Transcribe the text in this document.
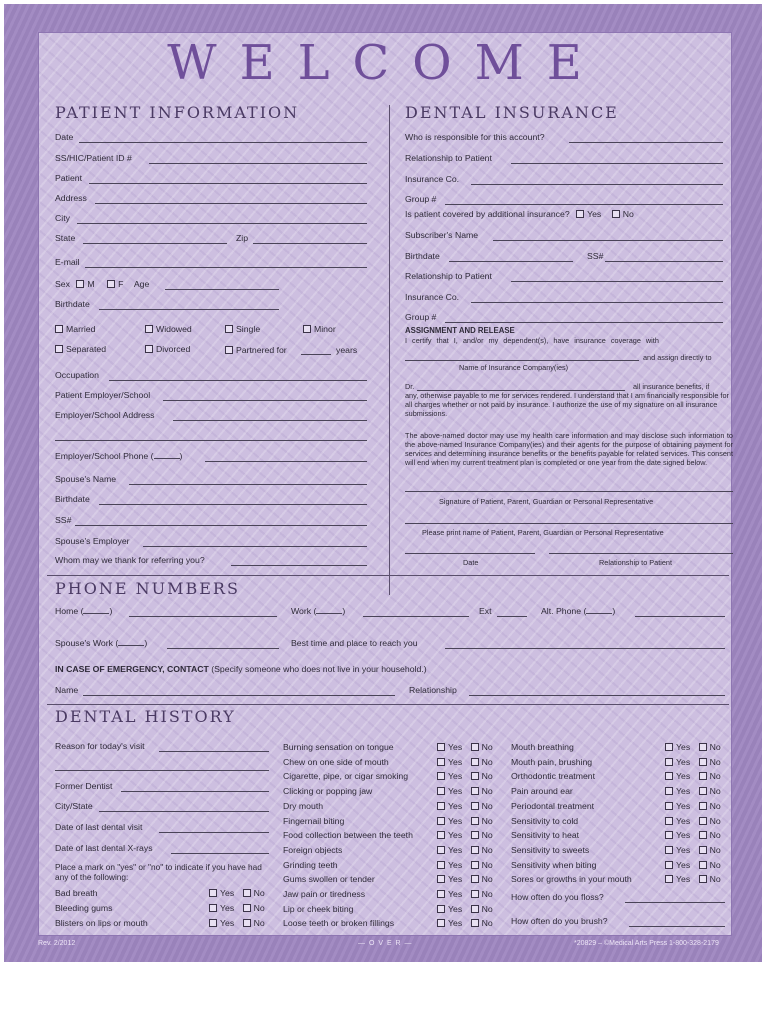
WELCOME
PATIENT INFORMATION	DENTAL INSURANCE
Date
SS/HIC/Patient ID #
Patient
Address
City
State	Zip
E-mail
Sex M	F Age
Birthdate
Married	Widowed	Single	Minor
Separated	Divorced	Partnered for	years
Occupation
Patient Employer/School
Employer/School Address
Employer/School Phone (	)
Spouse's Name
Birthdate
SS#
Spouse's Employer
Whom may we thank for referring you?
Who is responsible for this account?
Relationship to Patient
Insurance Co.
Group #
Is patient covered by additional insurance? Yes No
Subscriber's Name
Birthdate	SS#
Relationship to Patient
Insurance Co.
Group #
ASSIGNMENT AND RELEASE
I certify that I, and/or my dependent(s), have insurance coverage with
and assign directly to
Name of Insurance Company(ies)
Dr.	all insurance benefits, if
any, otherwise payable to me for services rendered. I understand that I am financially responsible for all charges whether or not paid by insurance. I authorize the use of my signature on all insurance submissions.
The above-named doctor may use my health care information and may disclose such information to the above-named Insurance Company(ies) and their agents for the purpose of obtaining payment for services and determining insurance benefits or the benefits payable for related services. This consent will end when my current treatment plan is completed or one year from the date signed below.
Signature of Patient, Parent, Guardian or Personal Representative
Please print name of Patient, Parent, Guardian or Personal Representative
Date	Relationship to Patient
PHONE NUMBERS
Home (	)	Work (	)	Ext	Alt. Phone (	)
Spouse's Work (	)	Best time and place to reach you
IN CASE OF EMERGENCY, CONTACT (Specify someone who does not live in your household.)
Name	Relationship
DENTAL HISTORY
Reason for today's visit
Former Dentist
City/State
Date of last dental visit
Date of last dental X-rays
Place a mark on "yes" or "no" to indicate if you have had any of the following:
Bad breath	Yes No
Bleeding gums	Yes No
Blisters on lips or mouth	Yes No
Burning sensation on tongue	Yes No
Chew on one side of mouth	Yes No
Cigarette, pipe, or cigar smoking	Yes No
Clicking or popping jaw	Yes No
Dry mouth	Yes No
Fingernail biting	Yes No
Food collection between the teeth	Yes No
Foreign objects	Yes No
Grinding teeth	Yes No
Gums swollen or tender	Yes No
Jaw pain or tiredness	Yes No
Lip or cheek biting	Yes No
Loose teeth or broken fillings	Yes No
Mouth breathing	Yes No
Mouth pain, brushing	Yes No
Orthodontic treatment	Yes No
Pain around ear	Yes No
Periodontal treatment	Yes No
Sensitivity to cold	Yes No
Sensitivity to heat	Yes No
Sensitivity to sweets	Yes No
Sensitivity when biting	Yes No
Sores or growths in your mouth	Yes No
How often do you floss?
How often do you brush?
Rev. 2/2012	— O V E R —	*20829 – ©Medical Arts Press 1-800-328-2179
